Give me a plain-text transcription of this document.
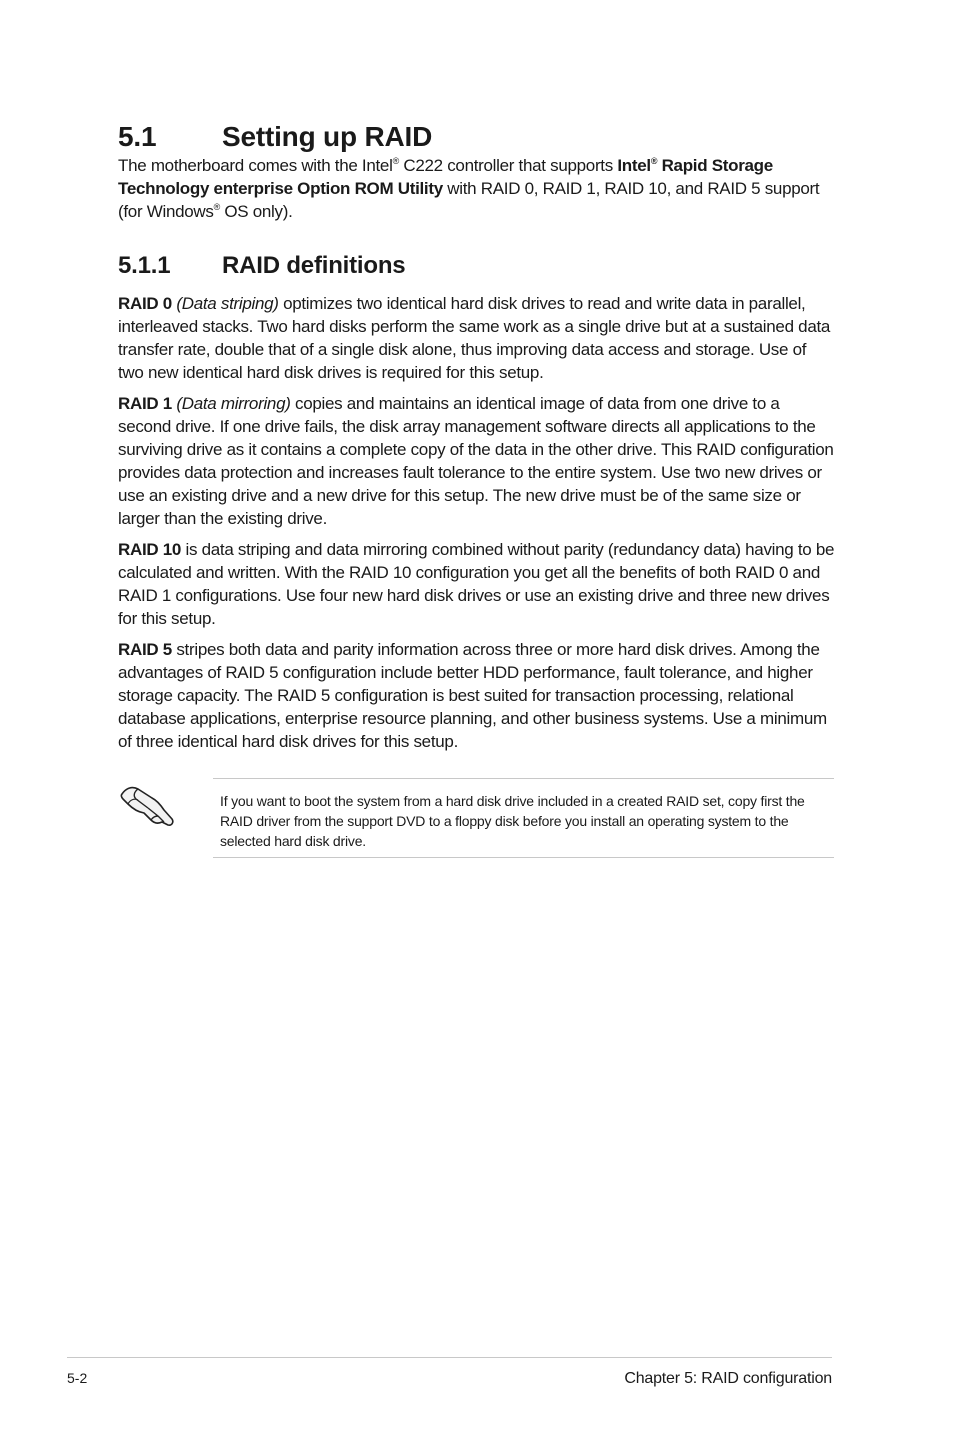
5.1	Setting up RAID

The motherboard comes with the Intel® C222 controller that supports Intel® Rapid Storage Technology enterprise Option ROM Utility with RAID 0, RAID 1, RAID 10, and RAID 5 support (for Windows® OS only).

5.1.1	RAID definitions

RAID 0 (Data striping) optimizes two identical hard disk drives to read and write data in parallel, interleaved stacks. Two hard disks perform the same work as a single drive but at a sustained data transfer rate, double that of a single disk alone, thus improving data access and storage. Use of two new identical hard disk drives is required for this setup.

RAID 1 (Data mirroring) copies and maintains an identical image of data from one drive to a second drive. If one drive fails, the disk array management software directs all applications to the surviving drive as it contains a complete copy of the data in the other drive. This RAID configuration provides data protection and increases fault tolerance to the entire system. Use two new drives or use an existing drive and a new drive for this setup. The new drive must be of the same size or larger than the existing drive.

RAID 10 is data striping and data mirroring combined without parity (redundancy data) having to be calculated and written. With the RAID 10 configuration you get all the benefits of both RAID 0 and RAID 1 configurations. Use four new hard disk drives or use an existing drive and three new drives for this setup.

RAID 5 stripes both data and parity information across three or more hard disk drives. Among the advantages of RAID 5 configuration include better HDD performance, fault tolerance, and higher storage capacity. The RAID 5 configuration is best suited for transaction processing, relational database applications, enterprise resource planning, and other business systems. Use a minimum of three identical hard disk drives for this setup.

If you want to boot the system from a hard disk drive included in a created RAID set, copy first the RAID driver from the support DVD to a floppy disk before you install an operating system to the selected hard disk drive.
5-2	Chapter 5: RAID configuration
